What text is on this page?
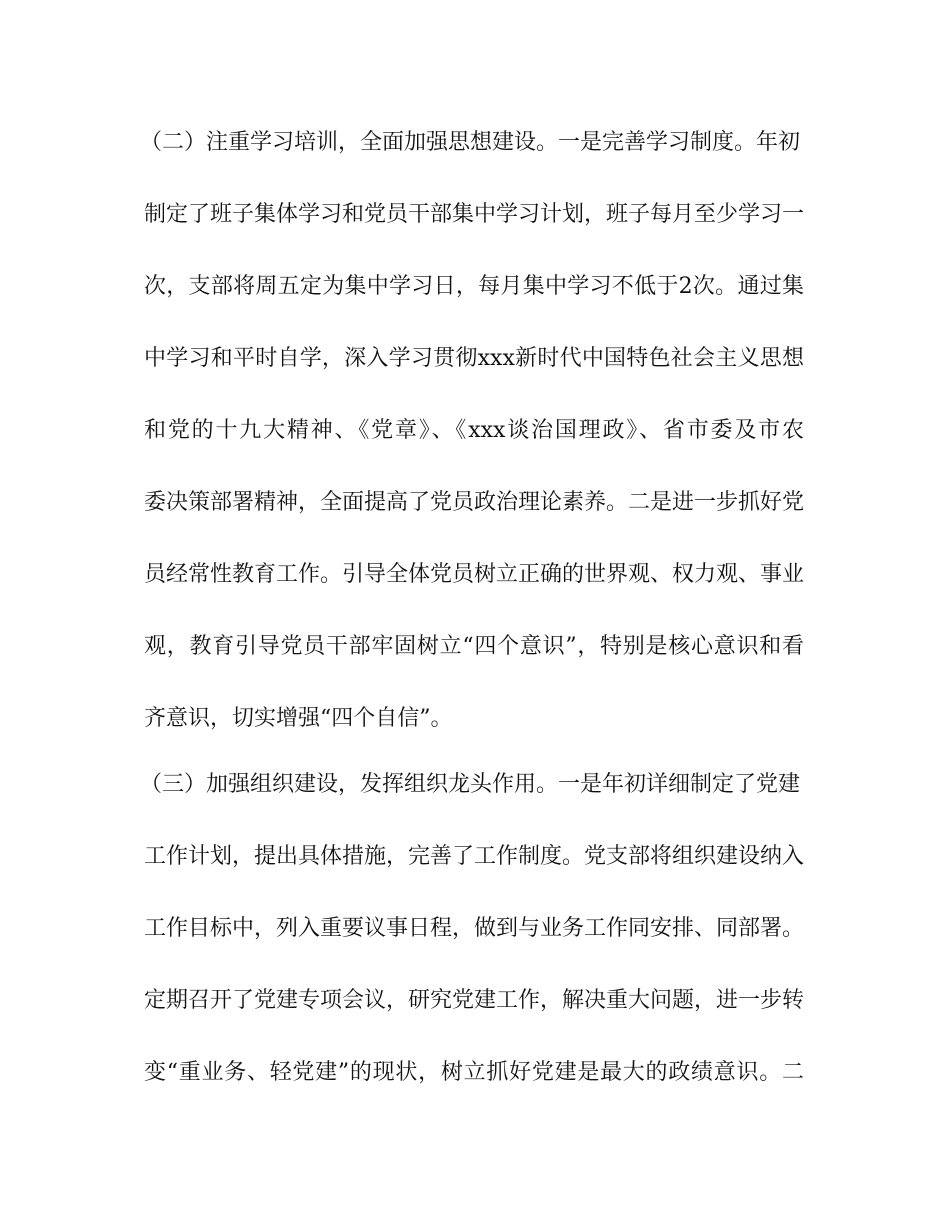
（二）注重学习培训，全面加强思想建设。一是完善学习制度。年初
制定了班子集体学习和党员干部集中学习计划，班子每月至少学习一
次，支部将周五定为集中学习日，每月集中学习不低于2次。通过集
中学习和平时自学，深入学习贯彻xxx新时代中国特色社会主义思想
和党的十九大精神、《党章》、《xxx谈治国理政》、省市委及市农
委决策部署精神，全面提高了党员政治理论素养。二是进一步抓好党
员经常性教育工作。引导全体党员树立正确的世界观、权力观、事业
观，教育引导党员干部牢固树立“四个意识”，特别是核心意识和看
齐意识，切实增强“四个自信”。
（三）加强组织建设，发挥组织龙头作用。一是年初详细制定了党建
工作计划，提出具体措施，完善了工作制度。党支部将组织建设纳入
工作目标中，列入重要议事日程，做到与业务工作同安排、同部署。
定期召开了党建专项会议，研究党建工作，解决重大问题，进一步转
变“重业务、轻党建”的现状，树立抓好党建是最大的政绩意识。二
